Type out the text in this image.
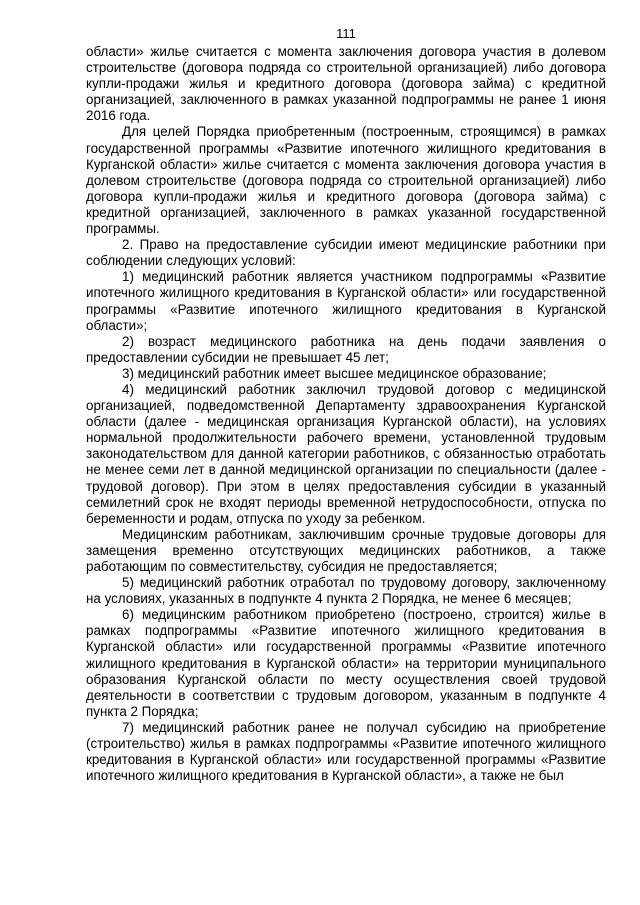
111

области» жилье считается с момента заключения договора участия в долевом строительстве (договора подряда со строительной организацией) либо договора купли-продажи жилья и кредитного договора (договора займа) с кредитной организацией, заключенного в рамках указанной подпрограммы не ранее 1 июня 2016 года.

Для целей Порядка приобретенным (построенным, строящимся) в рамках государственной программы «Развитие ипотечного жилищного кредитования в Курганской области» жилье считается с момента заключения договора участия в долевом строительстве (договора подряда со строительной организацией) либо договора купли-продажи жилья и кредитного договора (договора займа) с кредитной организацией, заключенного в рамках указанной государственной программы.

2. Право на предоставление субсидии имеют медицинские работники при соблюдении следующих условий:

1) медицинский работник является участником подпрограммы «Развитие ипотечного жилищного кредитования в Курганской области» или государственной программы «Развитие ипотечного жилищного кредитования в Курганской области»;

2) возраст медицинского работника на день подачи заявления о предоставлении субсидии не превышает 45 лет;

3) медицинский работник имеет высшее медицинское образование;

4) медицинский работник заключил трудовой договор с медицинской организацией, подведомственной Департаменту здравоохранения Курганской области (далее - медицинская организация Курганской области), на условиях нормальной продолжительности рабочего времени, установленной трудовым законодательством для данной категории работников, с обязанностью отработать не менее семи лет в данной медицинской организации по специальности (далее - трудовой договор). При этом в целях предоставления субсидии в указанный семилетний срок не входят периоды временной нетрудоспособности, отпуска по беременности и родам, отпуска по уходу за ребенком.

Медицинским работникам, заключившим срочные трудовые договоры для замещения временно отсутствующих медицинских работников, а также работающим по совместительству, субсидия не предоставляется;

5) медицинский работник отработал по трудовому договору, заключенному на условиях, указанных в подпункте 4 пункта 2 Порядка, не менее 6 месяцев;

6) медицинским работником приобретено (построено, строится) жилье в рамках подпрограммы «Развитие ипотечного жилищного кредитования в Курганской области» или государственной программы «Развитие ипотечного жилищного кредитования в Курганской области» на территории муниципального образования Курганской области по месту осуществления своей трудовой деятельности в соответствии с трудовым договором, указанным в подпункте 4 пункта 2 Порядка;

7) медицинский работник ранее не получал субсидию на приобретение (строительство) жилья в рамках подпрограммы «Развитие ипотечного жилищного кредитования в Курганской области» или государственной программы «Развитие ипотечного жилищного кредитования в Курганской области», а также не был
